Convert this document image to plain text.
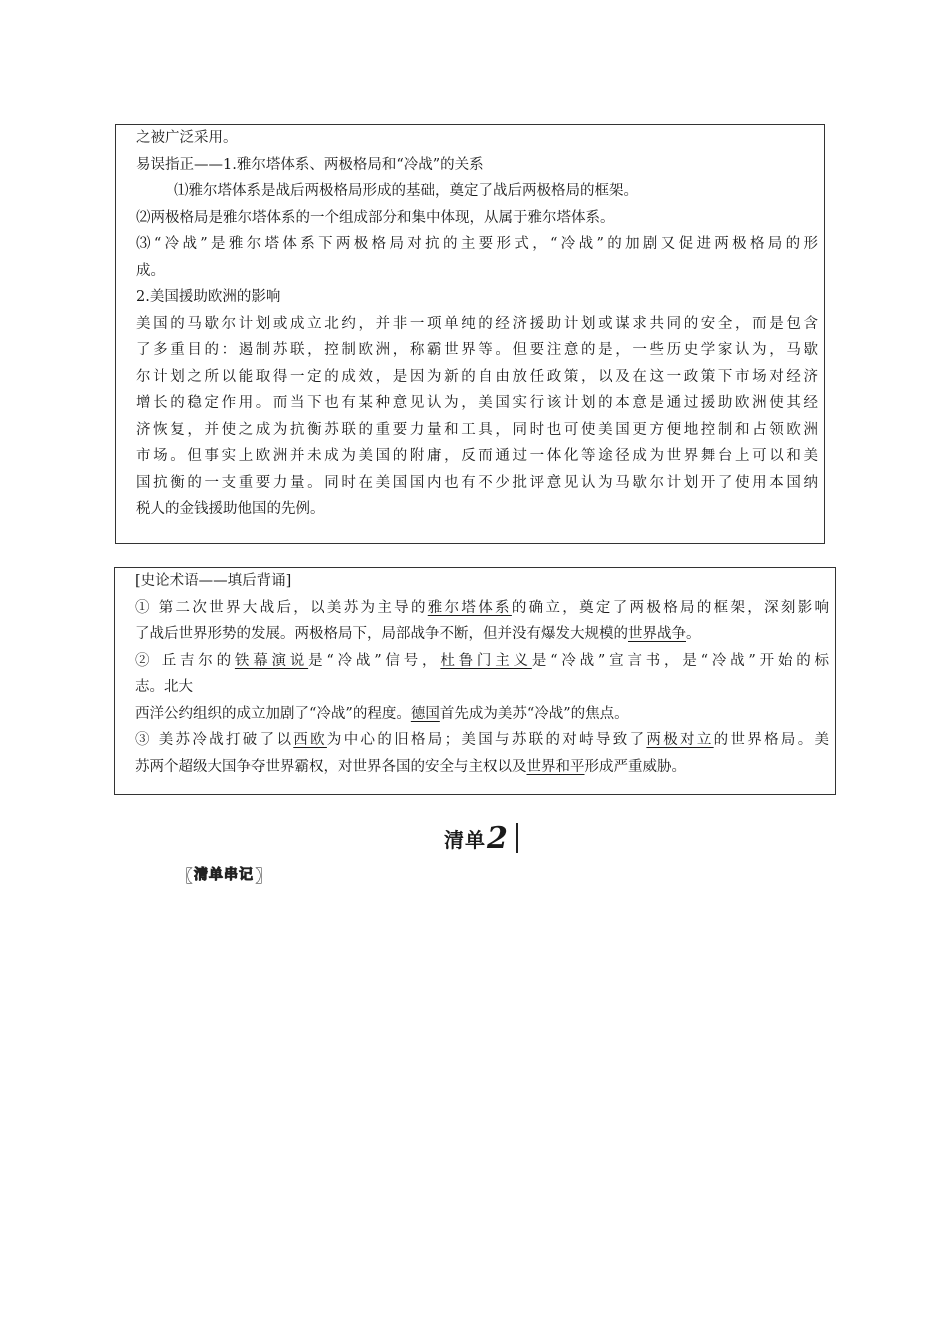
之被广泛采用。
易误指正——1.雅尔塔体系、两极格局和“冷战”的关系
⑴雅尔塔体系是战后两极格局形成的基础，奠定了战后两极格局的框架。
⑵两极格局是雅尔塔体系的一个组成部分和集中体现，从属于雅尔塔体系。
⑶“冷战”是雅尔塔体系下两极格局对抗的主要形式，“冷战”的加剧又促进两极格局的形
成。
2.美国援助欧洲的影响
美国的马歇尔计划或成立北约，并非一项单纯的经济援助计划或谋求共同的安全，而是包含
了多重目的：遏制苏联，控制欧洲，称霸世界等。但要注意的是，一些历史学家认为，马歇
尔计划之所以能取得一定的成效，是因为新的自由放任政策，以及在这一政策下市场对经济
增长的稳定作用。而当下也有某种意见认为，美国实行该计划的本意是通过援助欧洲使其经
济恢复，并使之成为抗衡苏联的重要力量和工具，同时也可使美国更方便地控制和占领欧洲
市场。但事实上欧洲并未成为美国的附庸，反而通过一体化等途径成为世界舞台上可以和美
国抗衡的一支重要力量。同时在美国国内也有不少批评意见认为马歇尔计划开了使用本国纳
税人的金钱援助他国的先例。
[史论术语——填后背诵]
① 第二次世界大战后，以美苏为主导的雅尔塔体系的确立，奠定了两极格局的框架，深刻影响
了战后世界形势的发展。两极格局下，局部战争不断，但并没有爆发大规模的世界战争。
② 丘吉尔的铁幕演说是“冷战”信号，杜鲁门主义是“冷战”宣言书，是“冷战”开始的标
志。北大
西洋公约组织的成立加剧了“冷战”的程度。德国首先成为美苏“冷战”的焦点。
③ 美苏冷战打破了以西欧为中心的旧格局；美国与苏联的对峙导致了两极对立的世界格局。美
苏两个超级大国争夺世界霸权，对世界各国的安全与主权以及世界和平形成严重威胁。
清单 2
〖 清单串记 〗
